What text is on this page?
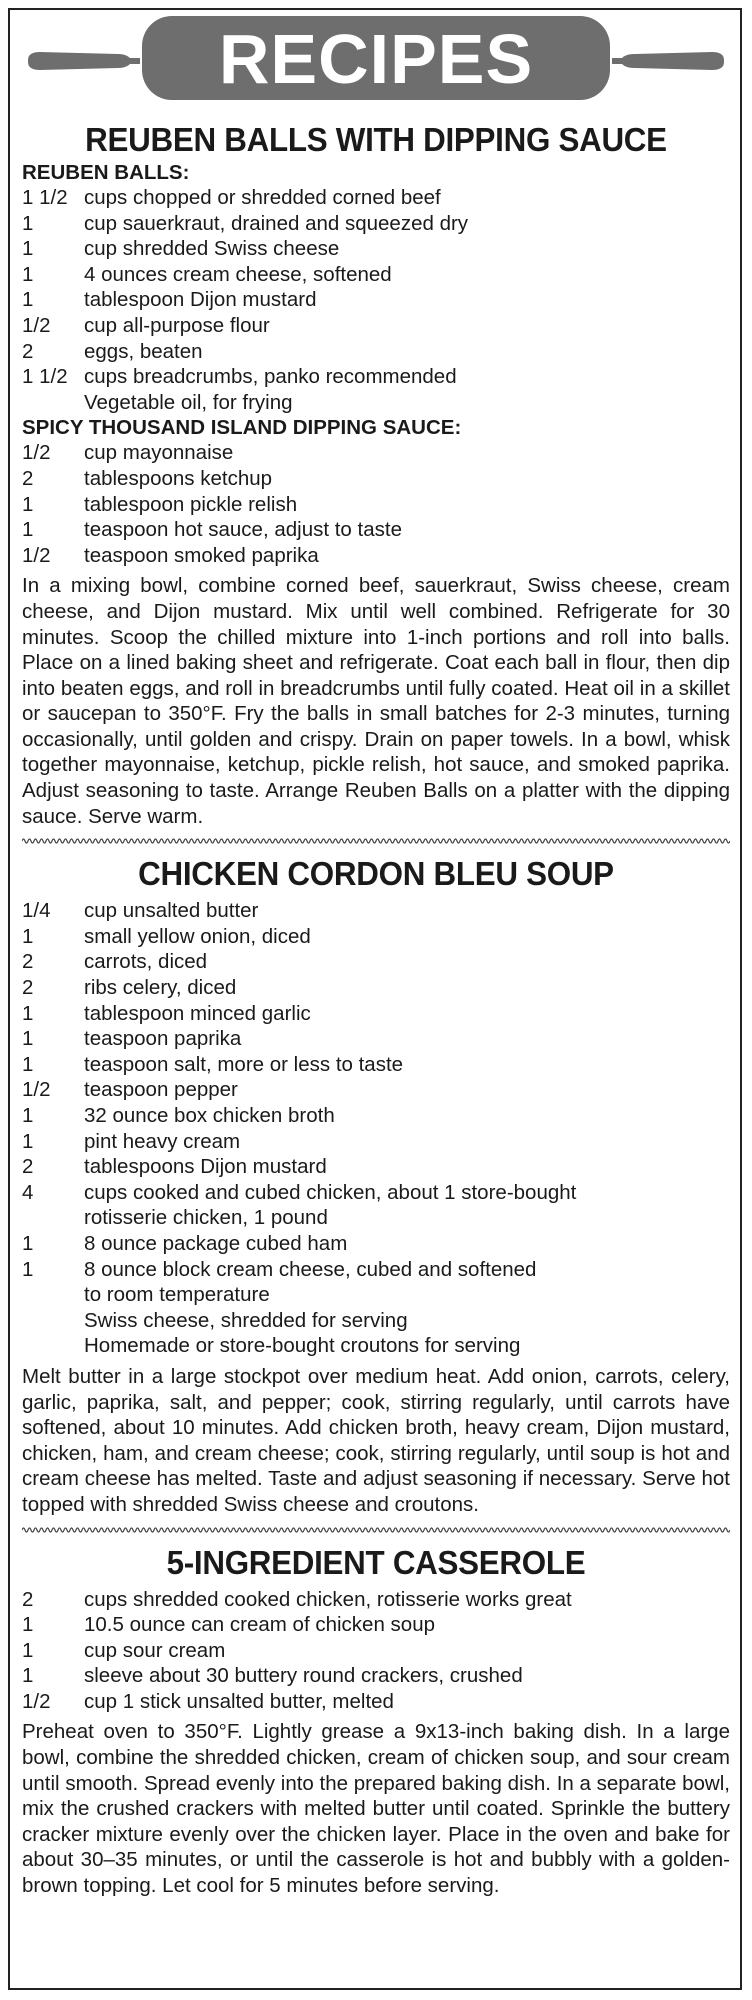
RECIPES
REUBEN BALLS WITH DIPPING SAUCE

REUBEN BALLS:

1 1/2 cups chopped or shredded corned beef
1	cup sauerkraut, drained and squeezed dry
1	cup shredded Swiss cheese
1	4 ounces cream cheese, softened
1	tablespoon Dijon mustard
1/2	cup all-purpose flour
2	eggs, beaten
1 1/2 cups breadcrumbs, panko recommended
Vegetable oil, for frying

SPICY THOUSAND ISLAND DIPPING SAUCE:

1/2	cup mayonnaise
2	tablespoons ketchup
1	tablespoon pickle relish
1	teaspoon hot sauce, adjust to taste
1/2	teaspoon smoked paprika

In a mixing bowl, combine corned beef, sauerkraut, Swiss cheese, cream cheese, and Dijon mustard. Mix until well combined. Refrigerate for 30 minutes. Scoop the chilled mixture into 1-inch portions and roll into balls. Place on a lined baking sheet and refrigerate. Coat each ball in flour, then dip into beaten eggs, and roll in breadcrumbs until fully coated. Heat oil in a skillet or saucepan to 350°F. Fry the balls in small batches for 2-3 minutes, turning occasionally, until golden and crispy. Drain on paper towels. In a bowl, whisk together mayonnaise, ketchup, pickle relish, hot sauce, and smoked paprika. Adjust seasoning to taste. Arrange Reuben Balls on a platter with the dipping sauce. Serve warm.

CHICKEN CORDON BLEU SOUP
1/4	cup unsalted butter
1	small yellow onion, diced
2	carrots, diced
2	ribs celery, diced
1	tablespoon minced garlic
1	teaspoon paprika
1	teaspoon salt, more or less to taste
1/2	teaspoon pepper
1	32 ounce box chicken broth
1	pint heavy cream
2	tablespoons Dijon mustard
4	cups cooked and cubed chicken, about 1 store-bought rotisserie chicken, 1 pound
1	8 ounce package cubed ham
1	8 ounce block cream cheese, cubed and softened to room temperature
Swiss cheese, shredded for serving
Homemade or store-bought croutons for serving

Melt butter in a large stockpot over medium heat. Add onion, carrots, celery, garlic, paprika, salt, and pepper; cook, stirring regularly, until carrots have softened, about 10 minutes. Add chicken broth, heavy cream, Dijon mustard, chicken, ham, and cream cheese; cook, stirring regularly, until soup is hot and cream cheese has melted. Taste and adjust seasoning if necessary. Serve hot topped with shredded Swiss cheese and croutons.

5-INGREDIENT CASSEROLE
2	cups shredded cooked chicken, rotisserie works great
1	10.5 ounce can cream of chicken soup
1	cup sour cream
1	sleeve about 30 buttery round crackers, crushed
1/2	cup 1 stick unsalted butter, melted

Preheat oven to 350°F. Lightly grease a 9x13-inch baking dish. In a large bowl, combine the shredded chicken, cream of chicken soup, and sour cream until smooth. Spread evenly into the prepared baking dish. In a separate bowl, mix the crushed crackers with melted butter until coated. Sprinkle the buttery cracker mixture evenly over the chicken layer. Place in the oven and bake for about 30–35 minutes, or until the casserole is hot and bubbly with a golden-brown topping. Let cool for 5 minutes before serving.
